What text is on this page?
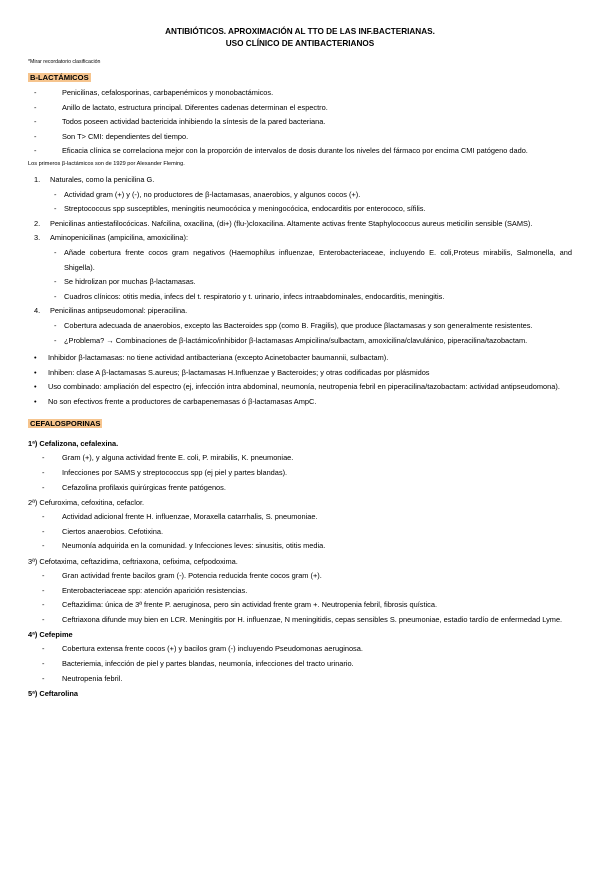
ANTIBIÓTICOS. APROXIMACIÓN AL TTO DE LAS INF.BACTERIANAS.
USO CLÍNICO DE ANTIBACTERIANOS
*Mirar recordatorio clasificación
B-LACTÁMICOS
- Penicilinas, cefalosporinas, carbapenémicos y monobactámicos.
- Anillo de lactato, estructura principal. Diferentes cadenas determinan el espectro.
- Todos poseen actividad bactericida inhibiendo la síntesis de la pared bacteriana.
- Son T> CMI: dependientes del tiempo.
- Eficacia clínica se correlaciona mejor con la proporción de intervalos de dosis durante los niveles del fármaco por encima CMI patógeno dado.
Los primeros β-lactámicos son de 1929 por Alexander Fleming.
1. Naturales, como la penicilina G.
- Actividad gram (+) y (-), no productores de β-lactamasas, anaerobios, y algunos cocos (+).
- Streptococcus spp susceptibles, meningitis neumocócica y meningocócica, endocarditis por enterococo, sífilis.
2. Penicilinas antiestafilocócicas. Nafcilina, oxacilina, (di+) (flu-)cloxacilina. Altamente activas frente Staphylococcus aureus meticilin sensible (SAMS).
3. Aminopenicilinas (ampicilina, amoxicilina):
- Añade cobertura frente cocos gram negativos (Haemophilus influenzae, Enterobacteriaceae, incluyendo E. coli,Proteus mirabilis, Salmonella, and Shigella).
- Se hidrolizan por muchas β-lactamasas.
- Cuadros clínicos: otitis media, infecs del t. respiratorio y t. urinario, infecs intraabdominales, endocarditis, meningitis.
4. Penicilinas antipseudomonal: piperacilina.
- Cobertura adecuada de anaerobios, excepto las Bacteroides spp (como B. Fragilis), que produce βlactamasas y son generalmente resistentes.
- ¿Problema? → Combinaciones de β-lactámico/inhibidor β-lactamasas Ampicilina/sulbactam, amoxicilina/clavulánico, piperacilina/tazobactam.
• Inhibidor β-lactamasas: no tiene actividad antibacteriana (excepto Acinetobacter baumannii, sulbactam).
• Inhiben: clase A β-lactamasas S.aureus; β-lactamasas H.Influenzae y Bacteroides; y otras codificadas por plásmidos
• Uso combinado: ampliación del espectro (ej, infección intra abdominal, neumonía, neutropenia febril en piperacilina/tazobactam: actividad antipseudomona).
• No son efectivos frente a productores de carbapenemasas ó β-lactamasas AmpC.
CEFALOSPORINAS
1ª) Cefalizona, cefalexina.
- Gram (+), y alguna actividad frente E. coli, P. mirabilis, K. pneumoniae.
- Infecciones por SAMS y streptococcus spp (ej piel y partes blandas).
- Cefazolina profilaxis quirúrgicas frente patógenos.
2ª) Cefuroxima, cefoxitina, cefaclor.
- Actividad adicional frente H. influenzae, Moraxella catarrhalis, S. pneumoniae.
- Ciertos anaerobios. Cefotixina.
- Neumonía adquirida en la comunidad. y Infecciones leves: sinusitis, otitis media.
3ª) Cefotaxima, ceftazidima, ceftriaxona, cefixima, cefpodoxima.
- Gran actividad frente bacilos gram (-). Potencia reducida frente cocos gram (+).
- Enterobacteriaceae spp: atención aparición resistencias.
- Ceftazidima: única de 3ª frente P. aeruginosa, pero sin actividad frente gram +. Neutropenia febril, fibrosis quística.
- Ceftriaxona difunde muy bien en LCR. Meningitis por H. influenzae, N meningitidis, cepas sensibles S. pneumoniae, estadio tardío de enfermedad Lyme.
4ª) Cefepime
- Cobertura extensa frente cocos (+) y bacilos gram (-) incluyendo Pseudomonas aeruginosa.
- Bacteriemia, infección de piel y partes blandas, neumonía, infecciones del tracto urinario.
- Neutropenia febril.
5ª) Ceftarolina
